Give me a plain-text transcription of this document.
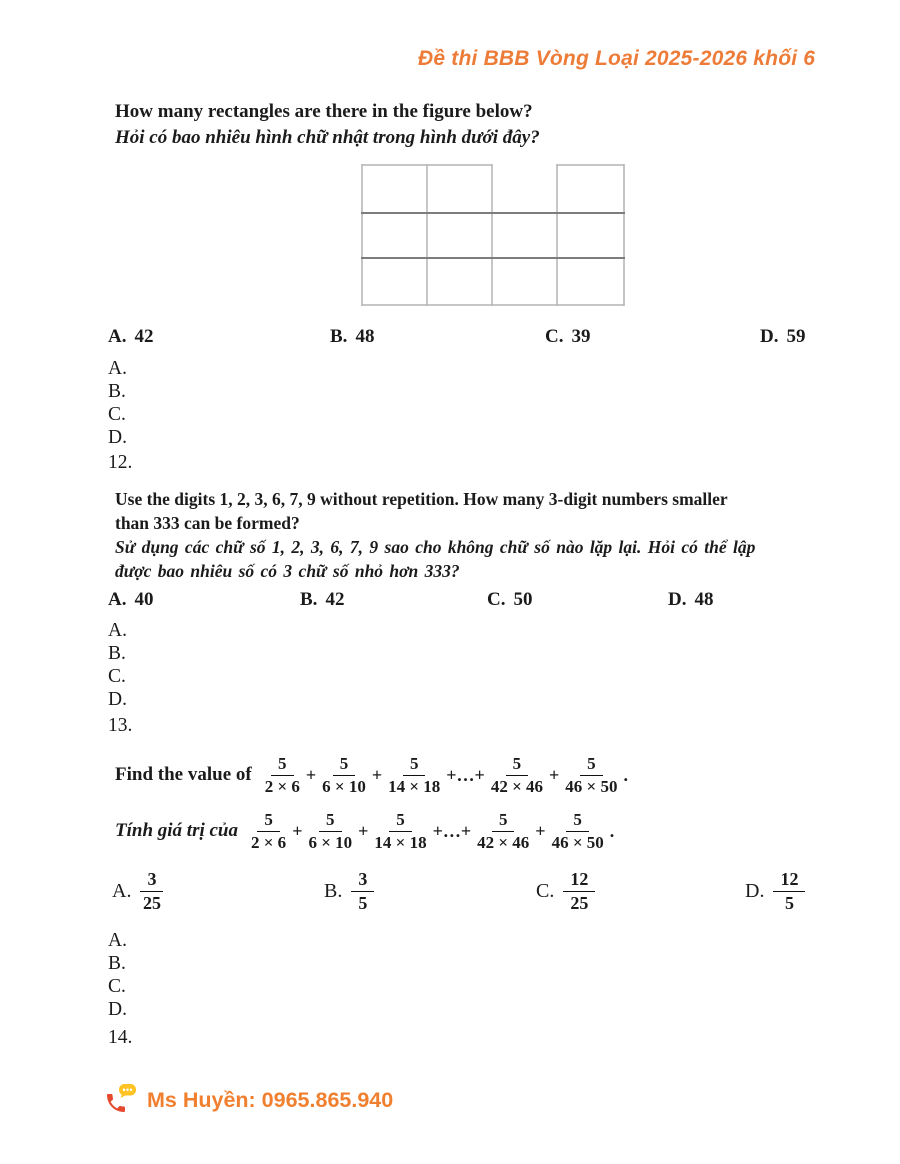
Đề thi BBB Vòng Loại 2025-2026 khối 6
How many rectangles are there in the figure below?
Hỏi có bao nhiêu hình chữ nhật trong hình dưới đây?
A. 42	B. 48	C. 39	D. 59
A.
B.
C.
D.
12.
Use the digits 1, 2, 3, 6, 7, 9 without repetition. How many 3-digit numbers smaller
than 333 can be formed?
Sử dụng các chữ số 1, 2, 3, 6, 7, 9 sao cho không chữ số nào lặp lại. Hỏi có thể lập
được bao nhiêu số có 3 chữ số nhỏ hơn 333?
A. 40	B. 42	C. 50	D. 48
A.
B.
C.
D.
13.
Find the value of $\frac{5}{2 \times 6} + \frac{5}{6 \times 10} + \frac{5}{14 \times 18}$ +…+ $\frac{5}{42 \times 46} + \frac{5}{46 \times 50}$ .
Tính giá trị của $\frac{5}{2 \times 6} + \frac{5}{6 \times 10} + \frac{5}{14 \times 18}$ +…+ $\frac{5}{42 \times 46} + \frac{5}{46 \times 50}$ .
A. $\frac{3}{25}$	B. $\frac{3}{5}$	C. $\frac{12}{25}$	D. $\frac{12}{5}$
A.
B.
C.
D.
14.
Ms Huyền: 0965.865.940
